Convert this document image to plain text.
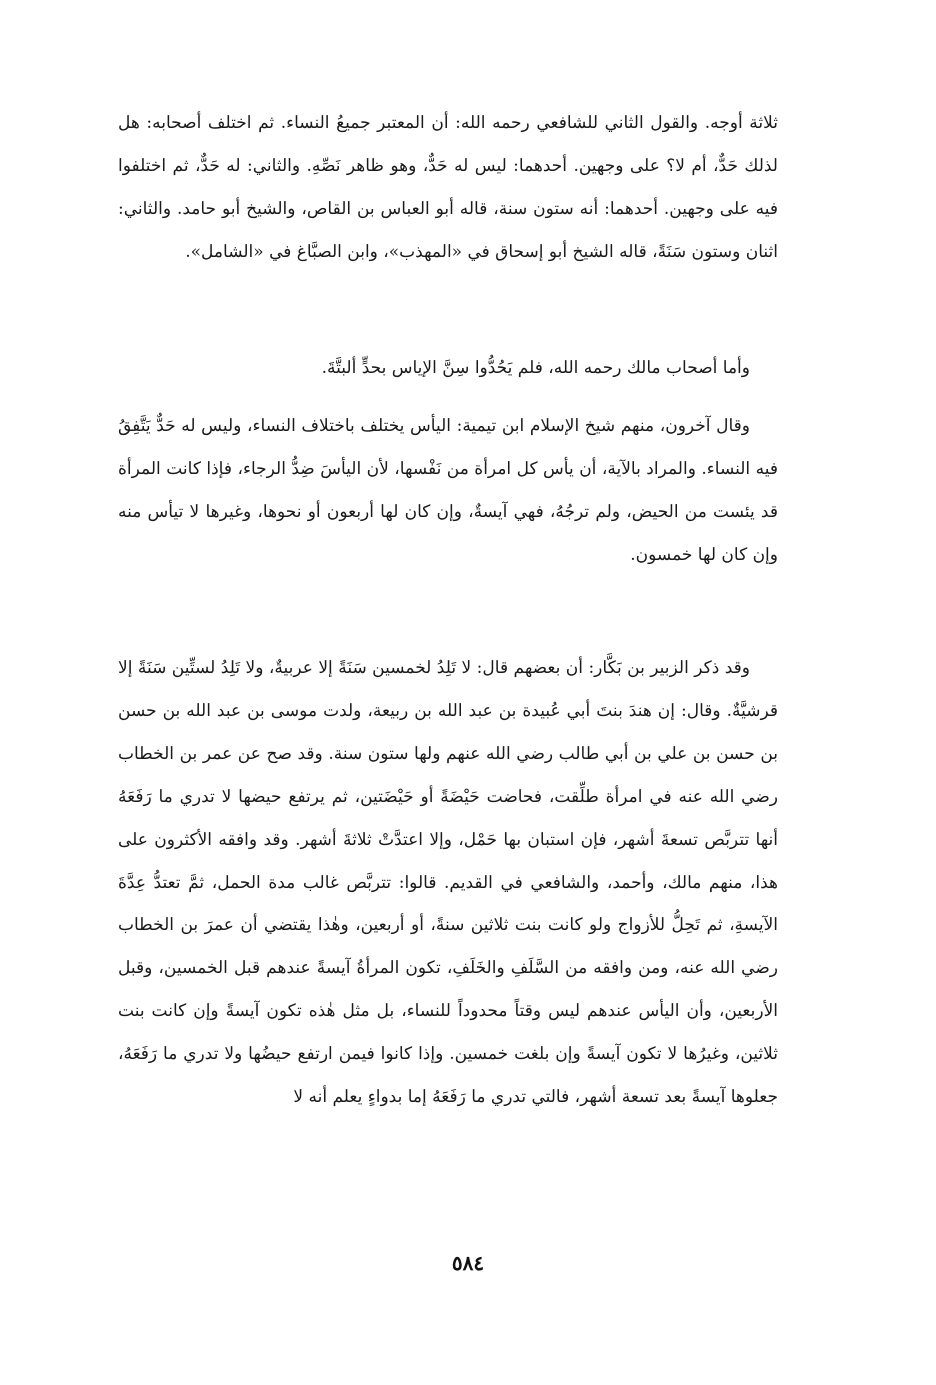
ثلاثة أوجه. والقول الثاني للشافعي رحمه الله: أن المعتبر جميعُ النساء. ثم اختلف أصحابه: هل لذلك حَدٌّ، أم لا؟ على وجهين. أحدهما: ليس له حَدٌّ، وهو ظاهر نَصِّهِ. والثاني: له حَدٌّ، ثم اختلفوا فيه على وجهين. أحدهما: أنه ستون سنة، قاله أبو العباس بن القاص، والشيخ أبو حامد. والثاني: اثنان وستون سَنَةً، قاله الشيخ أبو إسحاق في «المهذب»، وابن الصبَّاغ في «الشامل».

وأما أصحاب مالك رحمه الله، فلم يَحُدُّوا سِنَّ الإياس بحدٍّ ألبتَّةَ.

وقال آخرون، منهم شيخ الإسلام ابن تيمية: اليأس يختلف باختلاف النساء، وليس له حَدٌّ يَتَّفِقُ فيه النساء. والمراد بالآية، أن يأس كل امرأة من نَفْسها، لأن اليأسَ ضِدُّ الرجاء، فإذا كانت المرأة قد يئست من الحيض، ولم ترجُهُ، فهي آيسةٌ، وإن كان لها أربعون أو نحوها، وغيرها لا تيأس منه وإن كان لها خمسون.

وقد ذكر الزبير بن بَكَّار: أن بعضهم قال: لا تَلِدُ لخمسين سَنَةً إلا عربيةٌ، ولا تَلِدُ لستِّين سَنَةً إلا قرشيَّةٌ. وقال: إن هندَ بنتَ أبي عُبيدة بن عبد الله بن ربيعة، ولدت موسى بن عبد الله بن حسن بن حسن بن علي بن أبي طالب رضي الله عنهم ولها ستون سنة. وقد صح عن عمر بن الخطاب رضي الله عنه في امرأة طلِّقت، فحاضت حَيْضَةً أو حَيْضَتين، ثم يرتفع حيضها لا تدري ما رَفَعَهُ أنها تتربَّص تسعةَ أشهر، فإن استبان بها حَمْل، وإلا اعتدَّتْ ثلاثةَ أشهر. وقد وافقه الأكثرون على هذا، منهم مالك، وأحمد، والشافعي في القديم. قالوا: تتربَّص غالب مدة الحمل، ثمَّ تعتدُّ عِدَّةَ الآيسةِ، ثم تَحِلُّ للأزواج ولو كانت بنت ثلاثين سنةً، أو أربعين، وهٰذا يقتضي أن عمرَ بن الخطاب رضي الله عنه، ومن وافقه من السَّلَفِ والخَلَفِ، تكون المرأةُ آيسةً عندهم قبل الخمسين، وقبل الأربعين، وأن اليأس عندهم ليس وقتاً محدوداً للنساء، بل مثل هٰذه تكون آيسةً وإن كانت بنت ثلاثين، وغيرُها لا تكون آيسةً وإن بلغت خمسين. وإذا كانوا فيمن ارتفع حيضُها ولا تدري ما رَفَعَهُ، جعلوها آيسةً بعد تسعة أشهر، فالتي تدري ما رَفَعَهُ إما بدواءٍ يعلم أنه لا

٥٨٤
